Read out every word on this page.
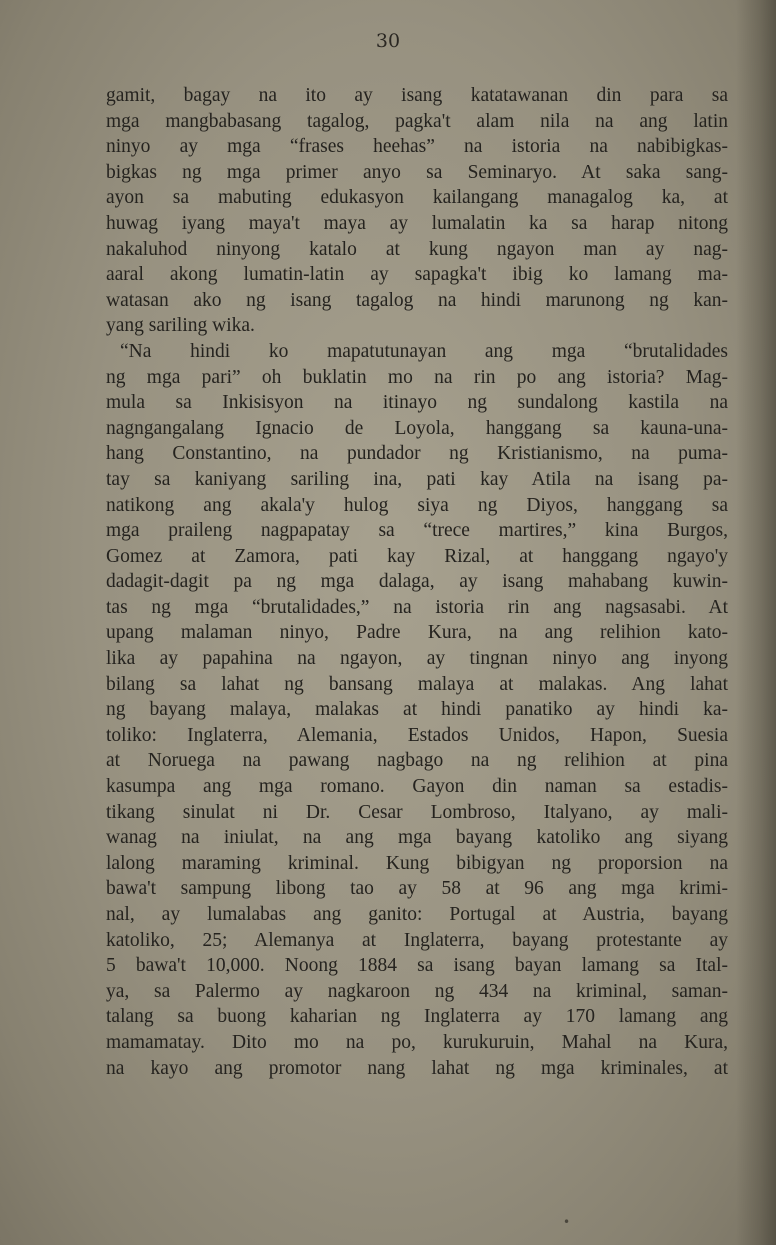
30
gamit, bagay na ito ay isang katatawanan din para sa
mga mangbabasang tagalog, pagka't alam nila na ang latin
ninyo ay mga “frases heehas” na istoria na nabibigkas-
bigkas ng mga primer anyo sa Seminaryo. At saka sang-
ayon sa mabuting edukasyon kailangang managalog ka, at
huwag iyang maya't maya ay lumalatin ka sa harap nitong
nakaluhod ninyong katalo at kung ngayon man ay nag-
aaral akong lumatin-latin ay sapagka't ibig ko lamang ma-
watasan ako ng isang tagalog na hindi marunong ng kan-
yang sariling wika.
“Na hindi ko mapatutunayan ang mga “brutalidades
ng mga pari” oh buklatin mo na rin po ang istoria? Mag-
mula sa Inkisisyon na itinayo ng sundalong kastila na
nagngangalang Ignacio de Loyola, hanggang sa kauna-una-
hang Constantino, na pundador ng Kristianismo, na puma-
tay sa kaniyang sariling ina, pati kay Atila na isang pa-
natikong ang akala'y hulog siya ng Diyos, hanggang sa
mga praileng nagpapatay sa “trece martires,” kina Burgos,
Gomez at Zamora, pati kay Rizal, at hanggang ngayo'y
dadagit-dagit pa ng mga dalaga, ay isang mahabang kuwin-
tas ng mga “brutalidades,” na istoria rin ang nagsasabi. At
upang malaman ninyo, Padre Kura, na ang relihion kato-
lika ay papahina na ngayon, ay tingnan ninyo ang inyong
bilang sa lahat ng bansang malaya at malakas. Ang lahat
ng bayang malaya, malakas at hindi panatiko ay hindi ka-
toliko: Inglaterra, Alemania, Estados Unidos, Hapon, Suesia
at Noruega na pawang nagbago na ng relihion at pina
kasumpa ang mga romano. Gayon din naman sa estadis-
tikang sinulat ni Dr. Cesar Lombroso, Italyano, ay mali-
wanag na iniulat, na ang mga bayang katoliko ang siyang
lalong maraming kriminal. Kung bibigyan ng proporsion na
bawa't sampung libong tao ay 58 at 96 ang mga krimi-
nal, ay lumalabas ang ganito: Portugal at Austria, bayang
katoliko, 25; Alemanya at Inglaterra, bayang protestante ay
5 bawa't 10,000. Noong 1884 sa isang bayan lamang sa Ital-
ya, sa Palermo ay nagkaroon ng 434 na kriminal, saman-
talang sa buong kaharian ng Inglaterra ay 170 lamang ang
mamamatay. Dito mo na po, kurukuruin, Mahal na Kura,
na kayo ang promotor nang lahat ng mga kriminales, at
•
